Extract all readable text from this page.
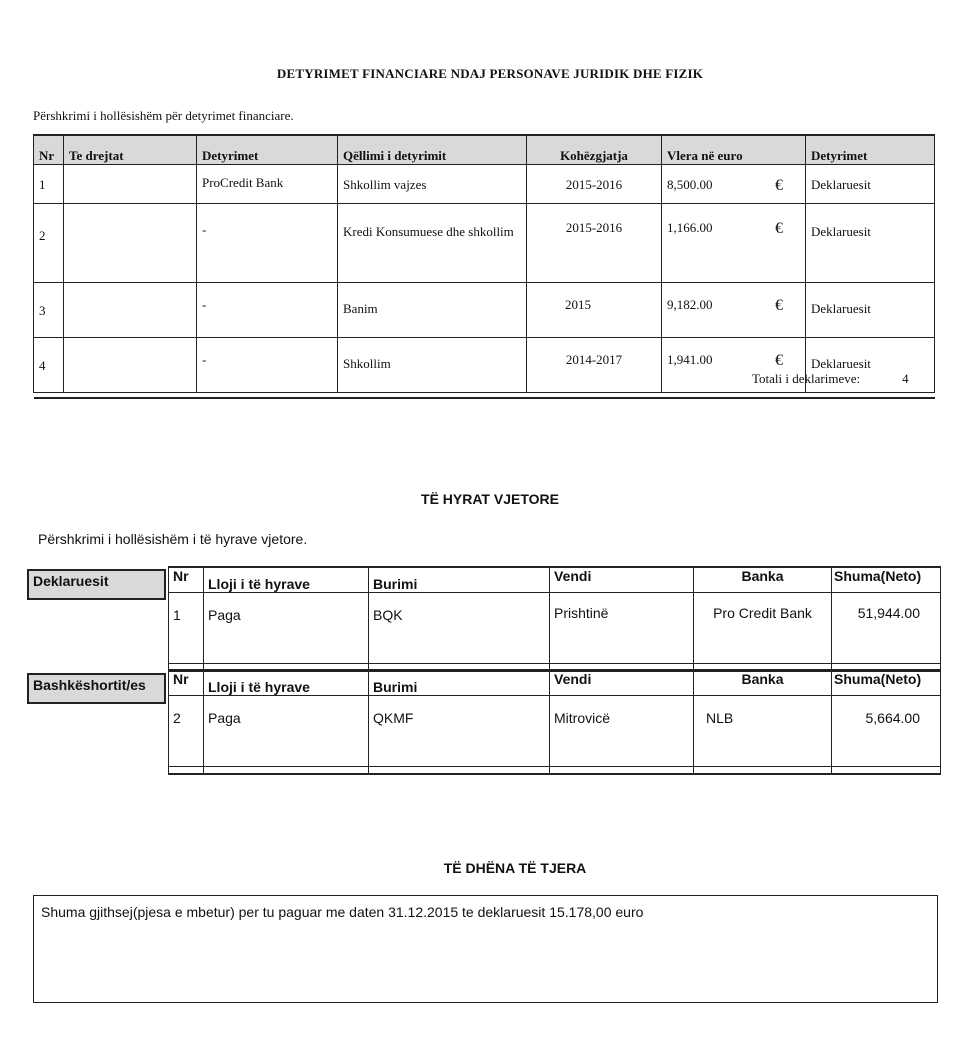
DETYRIMET FINANCIARE NDAJ PERSONAVE JURIDIK DHE FIZIK
Përshkrimi i hollësishëm për detyrimet financiare.
Nr	Te drejtat	Detyrimet	Qëllimi i detyrimit	Kohëzgjatja	Vlera në euro	Detyrimet
1		ProCredit Bank	Shkollim vajzes	2015-2016	8,500.00 €	Deklaruesit
2		-	Kredi Konsumuese dhe shkollim	2015-2016	1,166.00 €	Deklaruesit
3		-	Banim	2015	9,182.00 €	Deklaruesit
4		-	Shkollim	2014-2017	1,941.00 €	Deklaruesit

Totali i deklarimeve:	4
TË HYRAT VJETORE
Përshkrimi i hollësishëm i të hyrave vjetore.
Deklaruesit	Nr	Lloji i të hyrave	Burimi	Vendi	Banka	Shuma(Neto)
1	Paga	BQK	Prishtinë	Pro Credit Bank	51,944.00

Bashkëshortit/es	Nr	Lloji i të hyrave	Burimi	Vendi	Banka	Shuma(Neto)
2	Paga	QKMF	Mitrovicë	NLB	5,664.00

TË DHËNA TË TJERA
Shuma gjithsej(pjesa e mbetur) per tu paguar me daten 31.12.2015 te deklaruesit 15.178,00 euro
